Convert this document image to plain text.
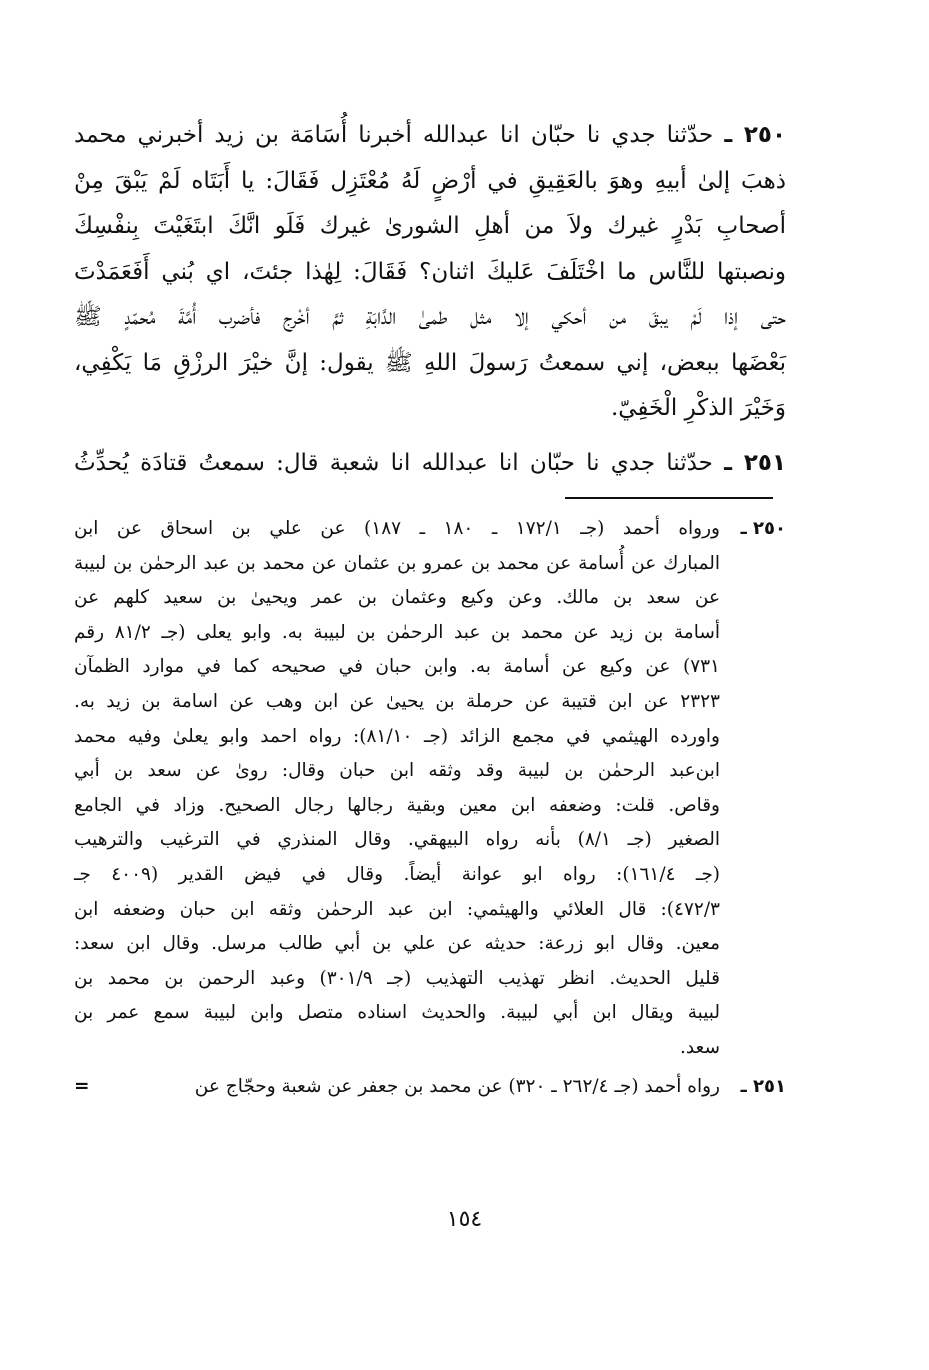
٢٥٠ ـ حدّثنا جدي نا حبّان انا عبدالله أخبرنا أُسَامَة بن زيد أخبرني محمد
ذهبَ إلىٰ أبيهِ وهوَ بالعَقِيقِ في أرْضٍ لَهُ مُعْتَزِل فَقَالَ: يا أَبَتَاه لَمْ يَبْقَ مِنْ
أصحابِ بَدْرٍ غيرك ولاَ من أهلِ الشورىٰ غيرك فَلَو انَّكَ ابتَغَيْتَ بِنفْسِكَ
ونصبتها للنَّاس ما اخْتَلَفَ عَليكَ اثنان؟ فَقَالَ: لِهٰذا جئتَ، اي بُني أَفَعَمَدْتَ
حتى إذا لَمْ يبقَ من أحكي إلا مثل طمىٰ الدَّابَةِ ثمَّ أخْرج فأضرب أُمَّةَ مُحمّدٍ ﷺ
بَعْضَها ببعض، إني سمعتُ رَسولَ اللهِ ﷺ يقول: إنَّ خيْرَ الرزْقِ مَا يَكْفِي،
وَخَيْرَ الذكْرِ الْخَفِيّ.

٢٥١ ـ حدّثنا جدي نا حبّان انا عبدالله انا شعبة قال: سمعتُ قتادَة يُحدِّثُ
٢٥٠ ـ
ورواه أحمد (جـ ١٧٢/١ ـ ١٨٠ ـ ١٨٧) عن علي بن اسحاق عن ابن
المبارك عن أُسامة عن محمد بن عمرو بن عثمان عن محمد بن عبد الرحمٰن بن لبيبة
عن سعد بن مالك. وعن وكيع وعثمان بن عمر ويحيىٰ بن سعيد كلهم عن
أسامة بن زيد عن محمد بن عبد الرحمٰن بن لبيبة به. وابو يعلى (جـ ٨١/٢ رقم
٧٣١) عن وكيع عن أسامة به. وابن حبان في صحيحه كما في موارد الظمآن
٢٣٢٣ عن ابن قتيبة عن حرملة بن يحيىٰ عن ابن وهب عن اسامة بن زيد به.
واورده الهيثمي في مجمع الزائد (جـ ٨١/١٠): رواه احمد وابو يعلىٰ وفيه محمد
ابن‌عبد الرحمٰن بن لبيبة وقد وثقه ابن حبان وقال: روىٰ عن سعد بن أبي
وقاص. قلت: وضعفه ابن معين وبقية رجالها رجال الصحيح. وزاد في الجامع
الصغير (جـ ٨/١) بأنه رواه البيهقي. وقال المنذري في الترغيب والترهيب
(جـ ١٦١/٤): رواه ابو عوانة أيضاً. وقال في فيض القدير (٤٠٠٩ جـ
٤٧٢/٣): قال العلائي والهيثمي: ابن عبد الرحمٰن وثقه ابن حبان وضعفه ابن
معين. وقال ابو زرعة: حديثه عن علي بن أبي طالب مرسل. وقال ابن سعد:
قليل الحديث. انظر تهذيب التهذيب (جـ ٣٠١/٩) وعبد الرحمن بن محمد بن
لبيبة ويقال ابن أبي لبيبة. والحديث اسناده متصل وابن لبيبة سمع عمر بن
سعد.
٢٥١ ـ
رواه أحمد (جـ ٢٦٢/٤ ـ ٣٢٠) عن محمد بن جعفر عن شعبة وحجّاج عن
=
١٥٤
